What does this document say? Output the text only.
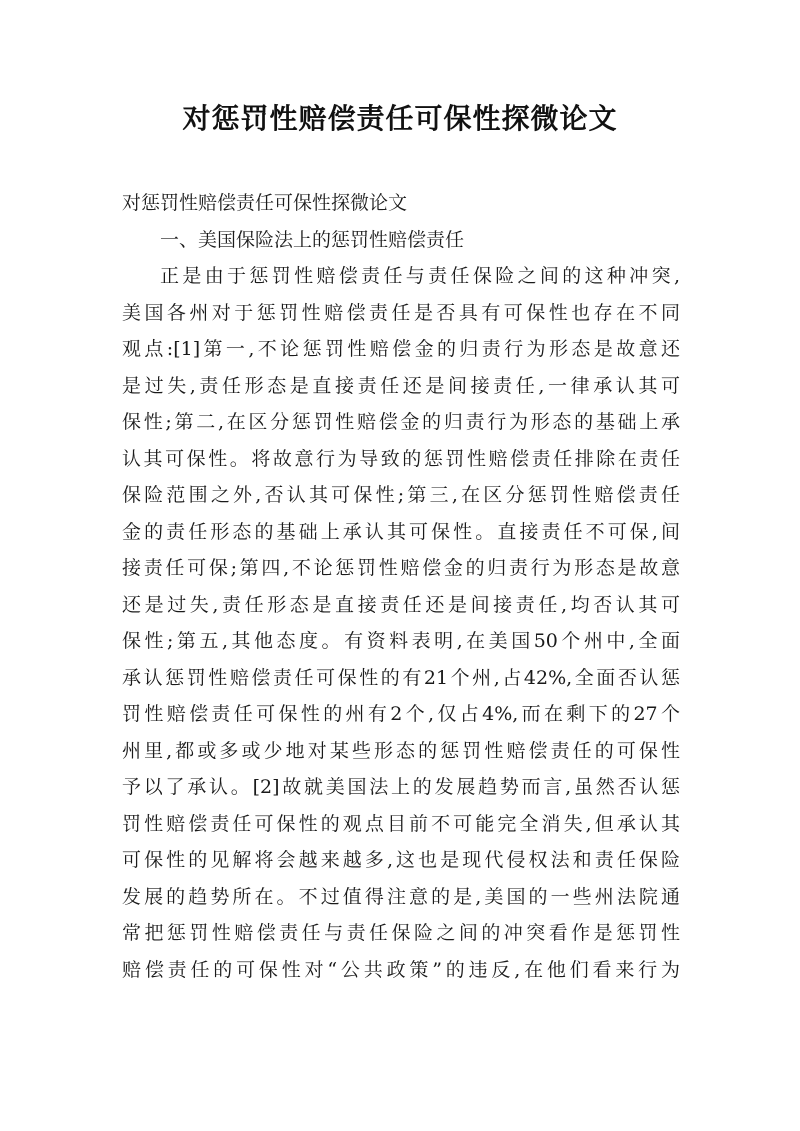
对惩罚性赔偿责任可保性探微论文
对惩罚性赔偿责任可保性探微论文
一、美国保险法上的惩罚性赔偿责任
正是由于惩罚性赔偿责任与责任保险之间的这种冲突,
美国各州对于惩罚性赔偿责任是否具有可保性也存在不同
观点:[1]第一,不论惩罚性赔偿金的归责行为形态是故意还
是过失,责任形态是直接责任还是间接责任,一律承认其可
保性;第二,在区分惩罚性赔偿金的归责行为形态的基础上承
认其可保性。将故意行为导致的惩罚性赔偿责任排除在责任
保险范围之外,否认其可保性;第三,在区分惩罚性赔偿责任
金的责任形态的基础上承认其可保性。直接责任不可保,间
接责任可保;第四,不论惩罚性赔偿金的归责行为形态是故意
还是过失,责任形态是直接责任还是间接责任,均否认其可
保性;第五,其他态度。有资料表明,在美国50个州中,全面
承认惩罚性赔偿责任可保性的有21个州,占42%,全面否认惩
罚性赔偿责任可保性的州有2个,仅占4%,而在剩下的27个
州里,都或多或少地对某些形态的惩罚性赔偿责任的可保性
予以了承认。[2]故就美国法上的发展趋势而言,虽然否认惩
罚性赔偿责任可保性的观点目前不可能完全消失,但承认其
可保性的见解将会越来越多,这也是现代侵权法和责任保险
发展的趋势所在。不过值得注意的是,美国的一些州法院通
常把惩罚性赔偿责任与责任保险之间的冲突看作是惩罚性
赔偿责任的可保性对“公共政策”的违反,在他们看来行为
